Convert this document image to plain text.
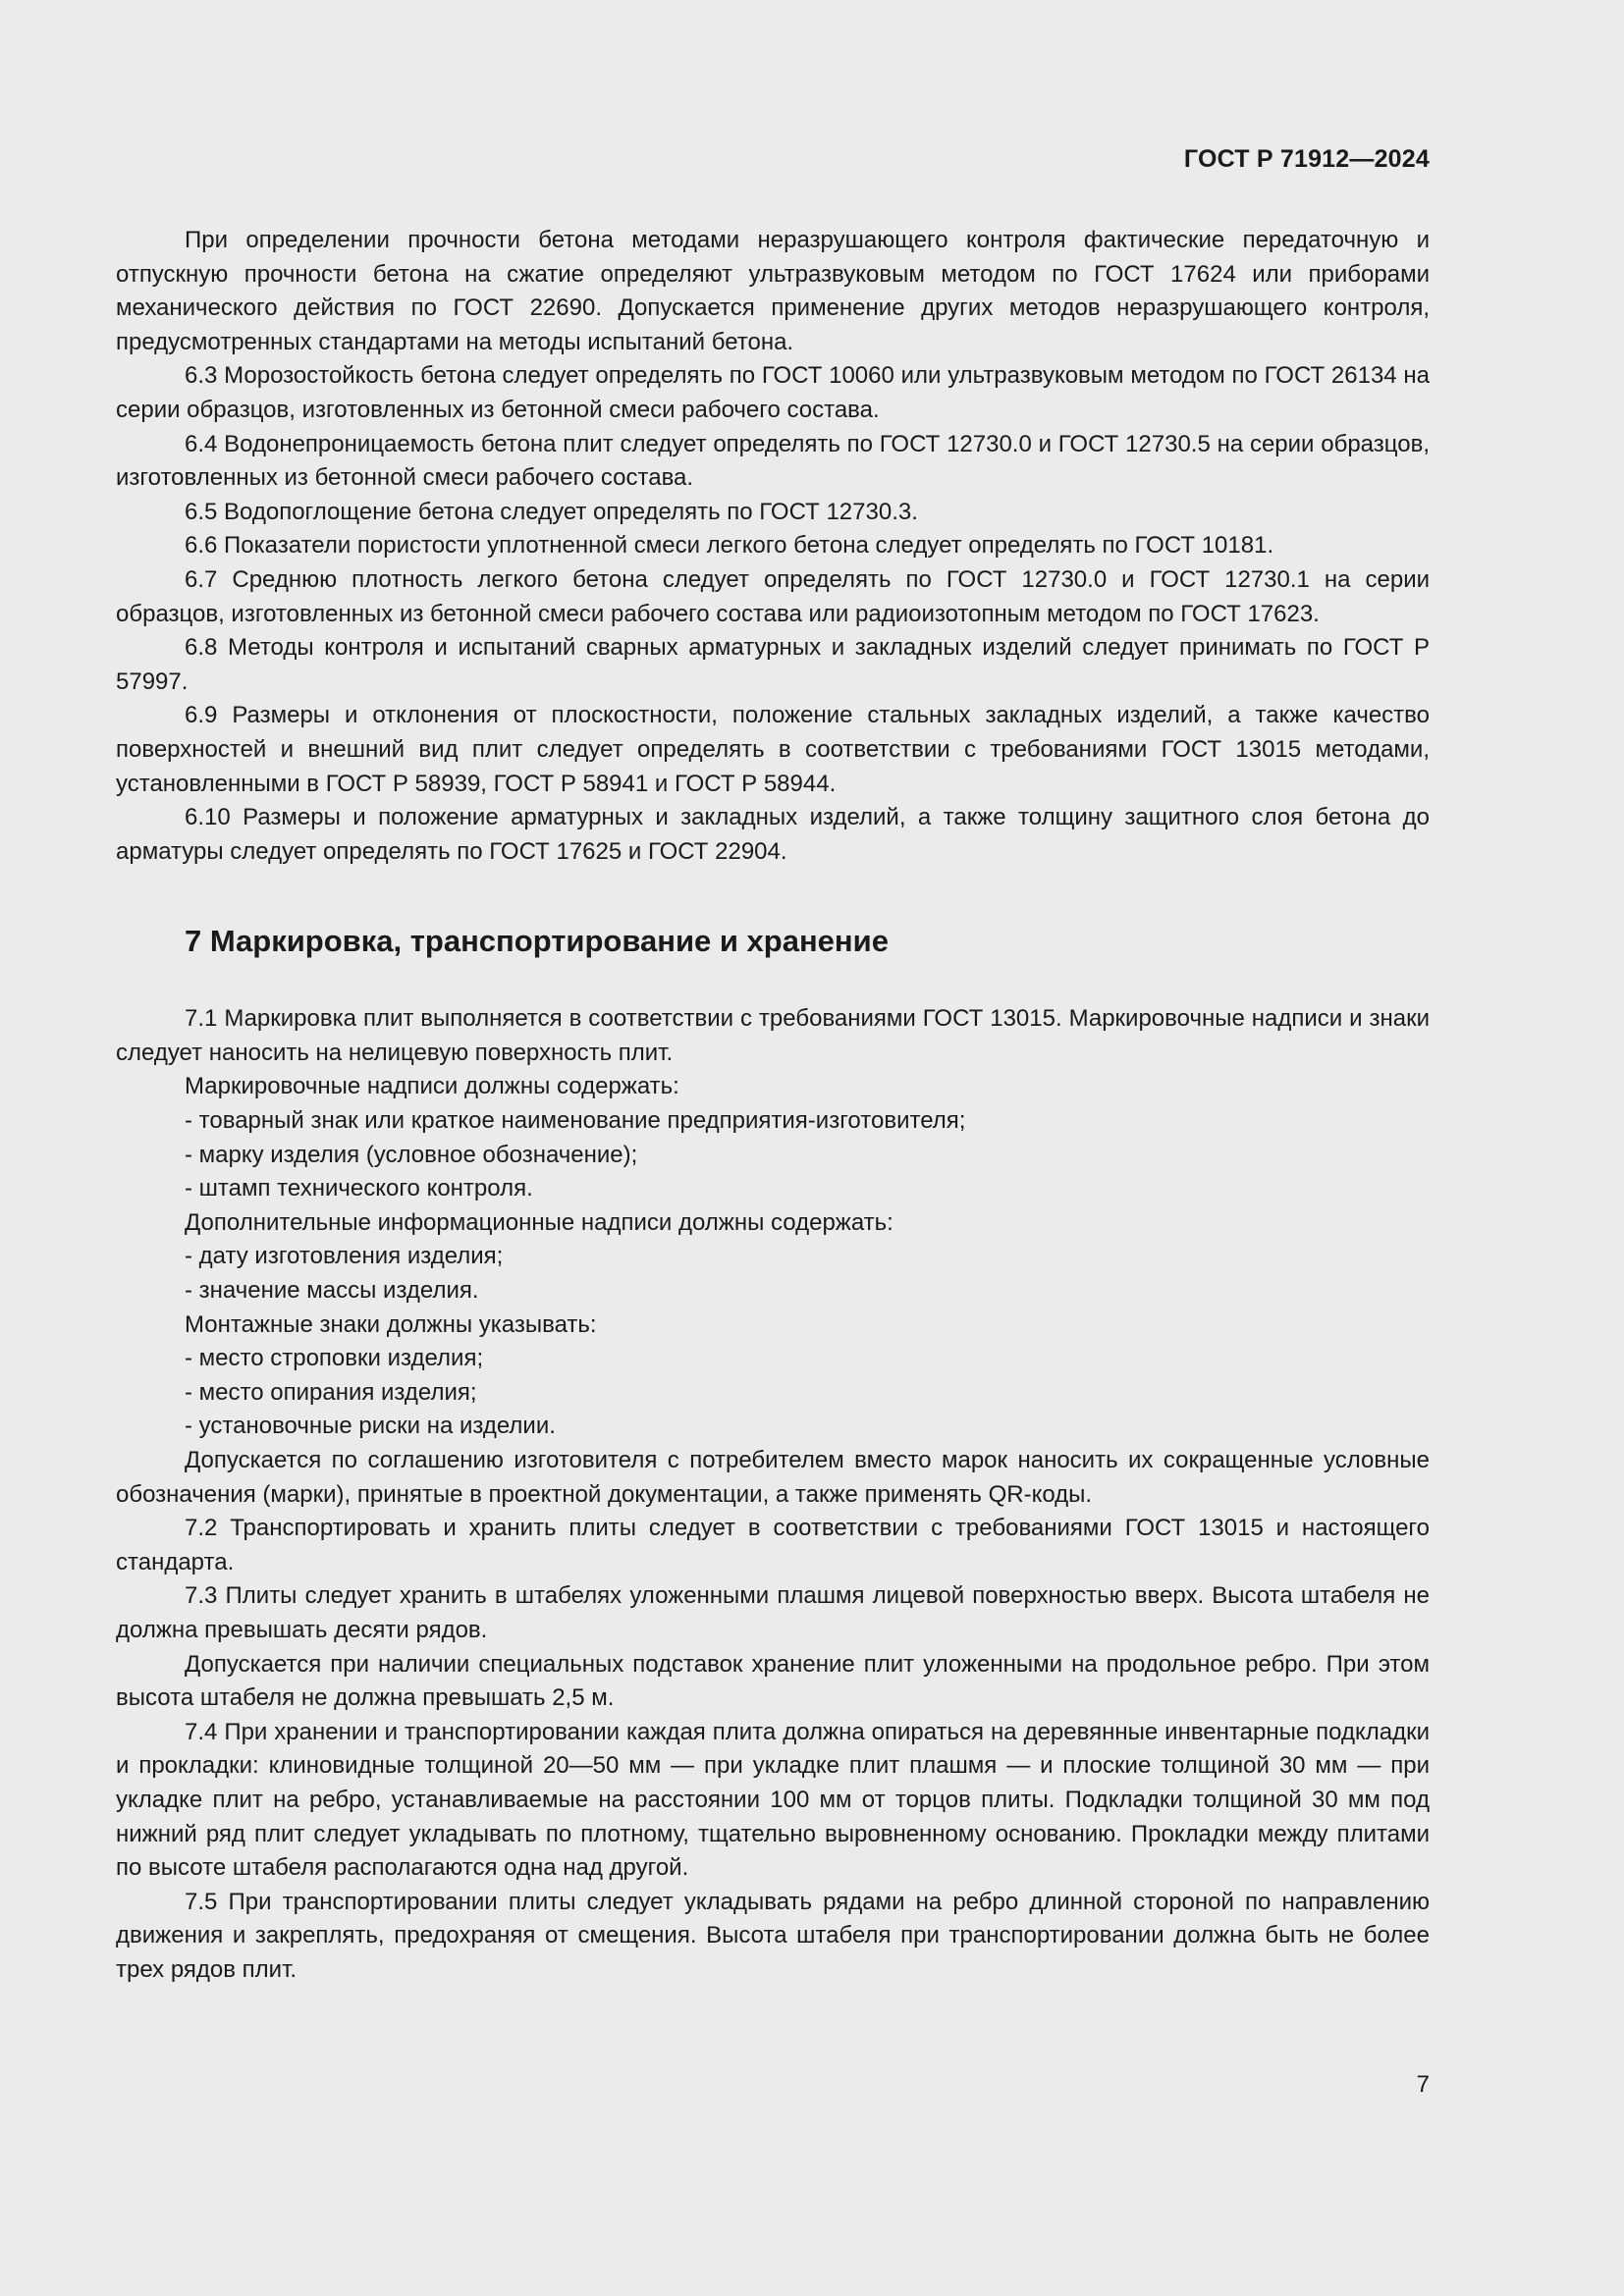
ГОСТ Р 71912—2024

При определении прочности бетона методами неразрушающего контроля фактические передаточную и отпускную прочности бетона на сжатие определяют ультразвуковым методом по ГОСТ 17624 или приборами механического действия по ГОСТ 22690. Допускается применение других методов неразрушающего контроля, предусмотренных стандартами на методы испытаний бетона.

6.3 Морозостойкость бетона следует определять по ГОСТ 10060 или ультразвуковым методом по ГОСТ 26134 на серии образцов, изготовленных из бетонной смеси рабочего состава.

6.4 Водонепроницаемость бетона плит следует определять по ГОСТ 12730.0 и ГОСТ 12730.5 на серии образцов, изготовленных из бетонной смеси рабочего состава.

6.5 Водопоглощение бетона следует определять по ГОСТ 12730.3.

6.6 Показатели пористости уплотненной смеси легкого бетона следует определять по ГОСТ 10181.

6.7 Среднюю плотность легкого бетона следует определять по ГОСТ 12730.0 и ГОСТ 12730.1 на серии образцов, изготовленных из бетонной смеси рабочего состава или радиоизотопным методом по ГОСТ 17623.

6.8 Методы контроля и испытаний сварных арматурных и закладных изделий следует принимать по ГОСТ Р 57997.

6.9 Размеры и отклонения от плоскостности, положение стальных закладных изделий, а также качество поверхностей и внешний вид плит следует определять в соответствии с требованиями ГОСТ 13015 методами, установленными в ГОСТ Р 58939, ГОСТ Р 58941 и ГОСТ Р 58944.

6.10 Размеры и положение арматурных и закладных изделий, а также толщину защитного слоя бетона до арматуры следует определять по ГОСТ 17625 и ГОСТ 22904.

7 Маркировка, транспортирование и хранение

7.1 Маркировка плит выполняется в соответствии с требованиями ГОСТ 13015. Маркировочные надписи и знаки следует наносить на нелицевую поверхность плит.

Маркировочные надписи должны содержать:

- товарный знак или краткое наименование предприятия-изготовителя;

- марку изделия (условное обозначение);

- штамп технического контроля.

Дополнительные информационные надписи должны содержать:

- дату изготовления изделия;

- значение массы изделия.

Монтажные знаки должны указывать:

- место строповки изделия;

- место опирания изделия;

- установочные риски на изделии.

Допускается по соглашению изготовителя с потребителем вместо марок наносить их сокращенные условные обозначения (марки), принятые в проектной документации, а также применять QR-коды.

7.2 Транспортировать и хранить плиты следует в соответствии с требованиями ГОСТ 13015 и настоящего стандарта.

7.3 Плиты следует хранить в штабелях уложенными плашмя лицевой поверхностью вверх. Высота штабеля не должна превышать десяти рядов.

Допускается при наличии специальных подставок хранение плит уложенными на продольное ребро. При этом высота штабеля не должна превышать 2,5 м.

7.4 При хранении и транспортировании каждая плита должна опираться на деревянные инвентарные подкладки и прокладки: клиновидные толщиной 20—50 мм — при укладке плит плашмя — и плоские толщиной 30 мм — при укладке плит на ребро, устанавливаемые на расстоянии 100 мм от торцов плиты. Подкладки толщиной 30 мм под нижний ряд плит следует укладывать по плотному, тщательно выровненному основанию. Прокладки между плитами по высоте штабеля располагаются одна над другой.

7.5 При транспортировании плиты следует укладывать рядами на ребро длинной стороной по направлению движения и закреплять, предохраняя от смещения. Высота штабеля при транспортировании должна быть не более трех рядов плит.

7
